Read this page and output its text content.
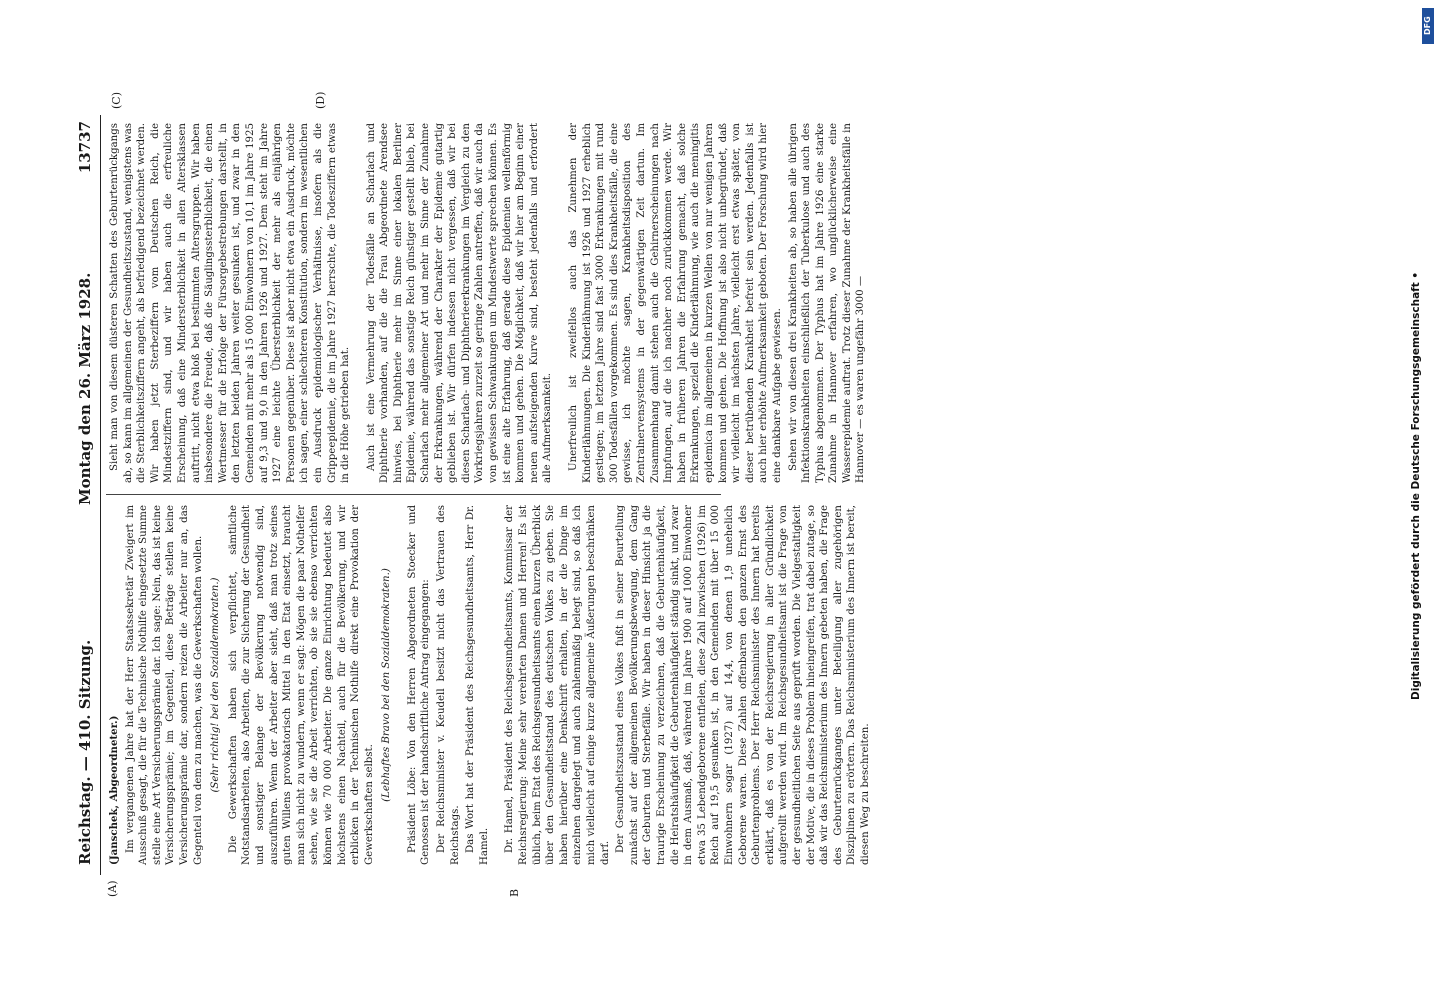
Reichstag. — 410. Sitzung.
Montag den 26. März 1928.
13737
(A)	B
(C)	(D)

(Janschek, Abgeordneter.) Im vergangenen Jahre hat der Herr Staatssekretär Zweigert im Ausschuß gesagt, die für die Technische Nothilfe eingesetzte Summe stelle eine Art Versicherungsprämie dar. Ich sage: Nein, das ist keine Versicherungsprämie; im Gegenteil, diese Beträge stellen keine Versicherungsprämie dar, sondern reizen die Arbeiter nur an, das Gegenteil von dem zu machen, was die Gewerkschaften wollen. (Sehr richtig! bei den Sozialdemokraten.) Die Gewerkschaften haben sich verpflichtet, sämtliche Notstandsarbeiten, also Arbeiten, die zur Sicherung der Gesundheit und sonstiger Belange der Bevölkerung notwendig sind, auszuführen. Wenn der Arbeiter aber sieht, daß man trotz seines guten Willens provokatorisch Mittel in den Etat einsetzt, braucht man sich nicht zu wundern, wenn er sagt: Mögen die paar Nothelfer sehen, wie sie die Arbeit verrichten, ob sie sie ebenso verrichten können wie 70 000 Arbeiter. Die ganze Einrichtung bedeutet also höchstens einen Nachteil, auch für die Bevölkerung, und wir erblicken in der Technischen Nothilfe direkt eine Provokation der Gewerkschaften selbst.

(Lebhaftes Bravo bei den Sozialdemokraten.) Präsident Löbe: Von den Herren Abgeordneten Stoecker und Genossen ist der handschriftliche Antrag eingegangen: Der Reichsminister v. Keudell besitzt nicht das Vertrauen des Reichstags. Das Wort hat der Präsident des Reichsgesundheitsamts, Herr Dr. Hamel. Dr. Hamel, Präsident des Reichsgesundheitsamts, Kommissar der Reichsregierung: Meine sehr verehrten Damen und Herren! Es ist üblich, beim Etat des Reichsgesundheitsamts einen kurzen Überblick über den Gesundheitsstand des deutschen Volkes zu geben. Sie haben hierüber eine Denkschrift erhalten, in der die Dinge im einzelnen dargelegt und auch zahlenmäßig belegt sind, so daß ich mich vielleicht auf einige kurze allgemeine Äußerungen beschränken darf. Der Gesundheitszustand eines Volkes fußt in seiner Beurteilung zunächst auf der allgemeinen Bevölkerungsbewegung, dem Gang der Geburten und Sterbefälle. Wir haben in dieser Hinsicht ja die traurige Erscheinung zu verzeichnen, daß die Geburtenhäufigkeit, die Heiratshäufigkeit die Geburtenhäufigkeit ständig sinkt, und zwar in dem Ausmaß, daß, während im Jahre 1900 auf 1000 Einwohner etwa 35 Lebendgeborene entfielen, diese Zahl inzwischen (1926) im Reich auf 19,5 gesunken ist, in den Gemeinden mit über 15 000 Einwohnern sogar (1927) auf 14,4, von denen 1,9 unehelich Geborene waren. Diese Zahlen offenbaren den ganzen Ernst des Geburtenproblems. Der Herr Reichsminister des Innern hat bereits erklärt, daß es von der Reichsregierung in aller Gründlichkeit aufgerollt werden wird. Im Reichsgesundheitsamt ist die Frage von der gesundheitlichen Seite aus geprüft worden. Die Vielgestaltigkeit der Motive, die in dieses Problem hineingreifen, trat dabei zutage, so daß wir das Reichsministerium des Innern gebeten haben, die Frage des Geburtenrückganges unter Beteiligung aller zugehörigen Disziplinen zu erörtern. Das Reichsministerium des Innern ist bereit, diesen Weg zu beschreiten.

Sieht man von diesem düsteren Schatten des Geburtenrückgangs ab, so kann im allgemeinen der Gesundheitszustand, wenigstens was die Sterblichkeitsziffern angeht, als befriedigend bezeichnet werden. Wir haben jetzt Sterbeziffern vom Deutschen Reich, die Mindestziffern sind, und wir haben auch die erfreuliche Erscheinung, daß eine Mindersterblichkeit in allen Altersklassen auftritt, nicht etwa bloß bei bestimmten Altersgruppen. Wir haben insbesondere die Freude, daß die Säuglingssterblichkeit, die einen Wertmesser für die Erfolge der Fürsorgebestrebungen darstellt, in den letzten beiden Jahren weiter gesunken ist, und zwar in den Gemeinden mit mehr als 15 000 Einwohnern von 10,1 im Jahre 1925 auf 9,3 und 9,0 in den Jahren 1926 und 1927. Dem steht im Jahre 1927 eine leichte Übersterblichkeit der mehr als einjährigen Personen gegenüber. Diese ist aber nicht etwa ein Ausdruck, möchte ich sagen, einer schlechteren Konstitution, sondern im wesentlichen ein Ausdruck epidemiologischer Verhältnisse, insofern als die Grippeepidemie, die im Jahre 1927 herrschte, die Todesziffern etwas in die Höhe getrieben hat. Auch ist eine Vermehrung der Todesfälle an Scharlach und Diphtherie vorhanden, auf die die Frau Abgeordnete Arendsee hinwies, bei Diphtherie mehr im Sinne einer lokalen Berliner Epidemie, während das sonstige Reich günstiger gestellt blieb, bei Scharlach mehr allgemeiner Art und mehr im Sinne der Zunahme der Erkrankungen, während der Charakter der Epidemie gutartig geblieben ist. Wir dürfen indessen nicht vergessen, daß wir bei diesen Scharlach- und Diphtherieerkrankungen im Vergleich zu den Vorkriegsjahren zurzeit so geringe Zahlen antreffen, daß wir auch da von gewissen Schwankungen um Mindestwerte sprechen können. Es ist eine alte Erfahrung, daß gerade diese Epidemien wellenförmig kommen und gehen. Die Möglichkeit, daß wir hier am Beginn einer neuen aufsteigenden Kurve sind, besteht jedenfalls und erfordert alle Aufmerksamkeit. Unerfreulich ist zweifellos auch das Zunehmen der Kinderlähmungen. Die Kinderlähmung ist 1926 und 1927 erheblich gestiegen; im letzten Jahre sind fast 3000 Erkrankungen mit rund 300 Todesfällen vorgekommen. Es sind dies Krankheitsfälle, die eine gewisse, ich möchte sagen, Krankheitsdisposition des Zentralnervensystems in der gegenwärtigen Zeit dartun. Im Zusammenhang damit stehen auch die Gehirnerscheinungen nach Impfungen, auf die ich nachher noch zurückkommen werde. Wir haben in früheren Jahren die Erfahrung gemacht, daß solche Erkrankungen, speziell die Kinderlähmung, wie auch die meningitis epidemica im allgemeinen in kurzen Wellen von nur wenigen Jahren kommen und gehen. Die Hoffnung ist also nicht unbegründet, daß wir vielleicht im nächsten Jahre, vielleicht erst etwas später, von dieser betrübenden Krankheit befreit sein werden. Jedenfalls ist auch hier erhöhte Aufmerksamkeit geboten. Der Forschung wird hier eine dankbare Aufgabe gewiesen. Sehen wir von diesen drei Krankheiten ab, so haben alle übrigen Infektionskrankheiten einschließlich der Tuberkulose und auch des Typhus abgenommen. Der Typhus hat im Jahre 1926 eine starke Zunahme in Hannover erfahren, wo unglücklicherweise eine Wasserepidemie auftrat. Trotz dieser Zunahme der Krankheitsfälle in Hannover — es waren ungefähr 3000 —	Digitalisierung gefördert durch die Deutsche Forschungsgemeinschaft •
DFG
